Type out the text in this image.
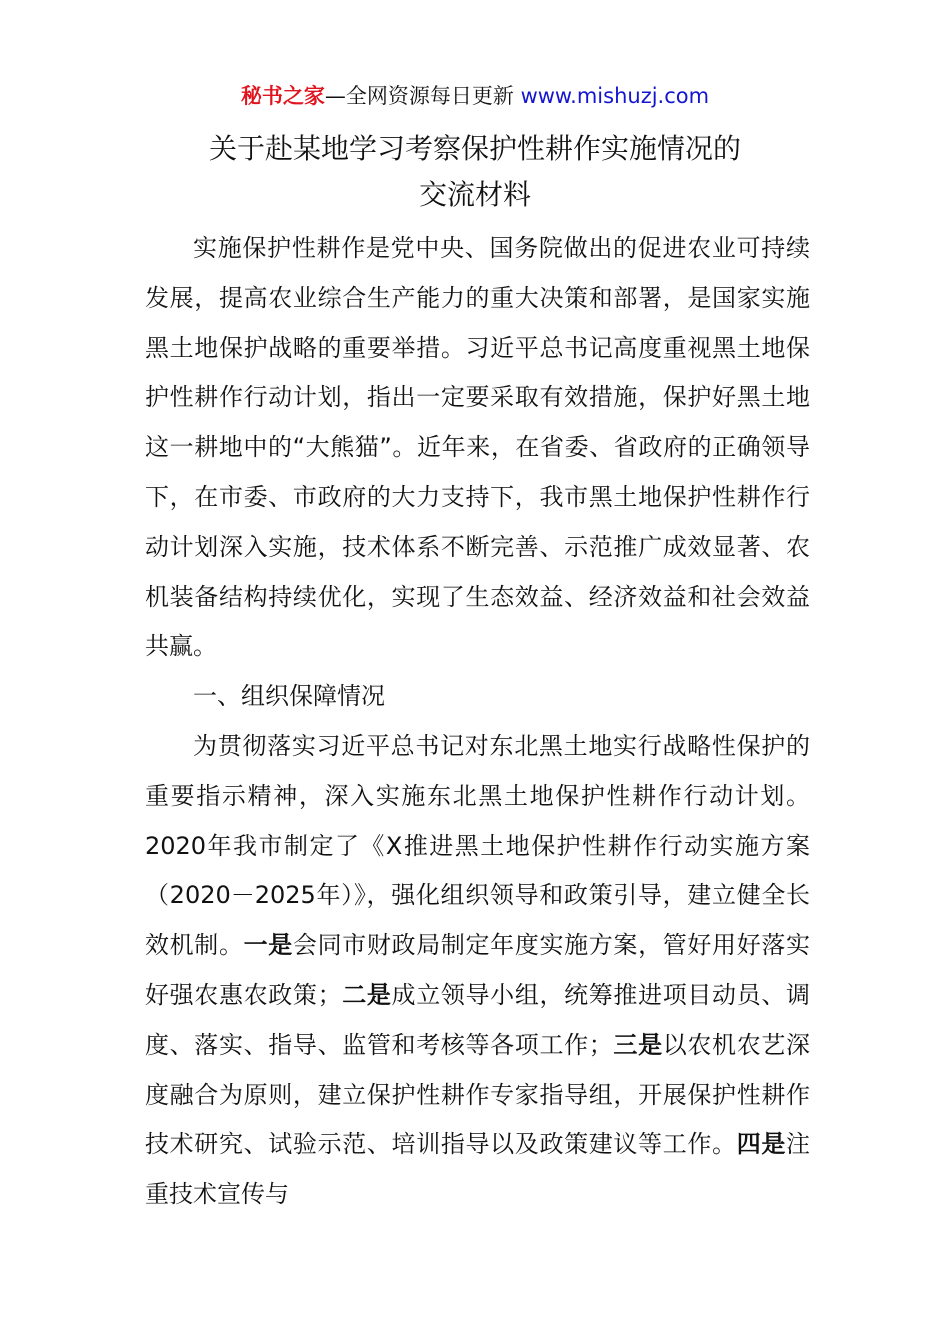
秘书之家—全网资源每日更新 www.mishuzj.com
关于赴某地学习考察保护性耕作实施情况的
交流材料

实施保护性耕作是党中央、国务院做出的促进农业可持续发展，提高农业综合生产能力的重大决策和部署，是国家实施黑土地保护战略的重要举措。习近平总书记高度重视黑土地保护性耕作行动计划，指出一定要采取有效措施，保护好黑土地这一耕地中的“大熊猫”。近年来，在省委、省政府的正确领导下，在市委、市政府的大力支持下，我市黑土地保护性耕作行动计划深入实施，技术体系不断完善、示范推广成效显著、农机装备结构持续优化，实现了生态效益、经济效益和社会效益共赢。

一、组织保障情况

为贯彻落实习近平总书记对东北黑土地实行战略性保护的重要指示精神，深入实施东北黑土地保护性耕作行动计划。2020年我市制定了《X推进黑土地保护性耕作行动实施方案（2020－2025年）》，强化组织领导和政策引导，建立健全长效机制。一是会同市财政局制定年度实施方案，管好用好落实好强农惠农政策；二是成立领导小组，统筹推进项目动员、调度、落实、指导、监管和考核等各项工作；三是以农机农艺深度融合为原则，建立保护性耕作专家指导组，开展保护性耕作技术研究、试验示范、培训指导以及政策建议等工作。四是注重技术宣传与
